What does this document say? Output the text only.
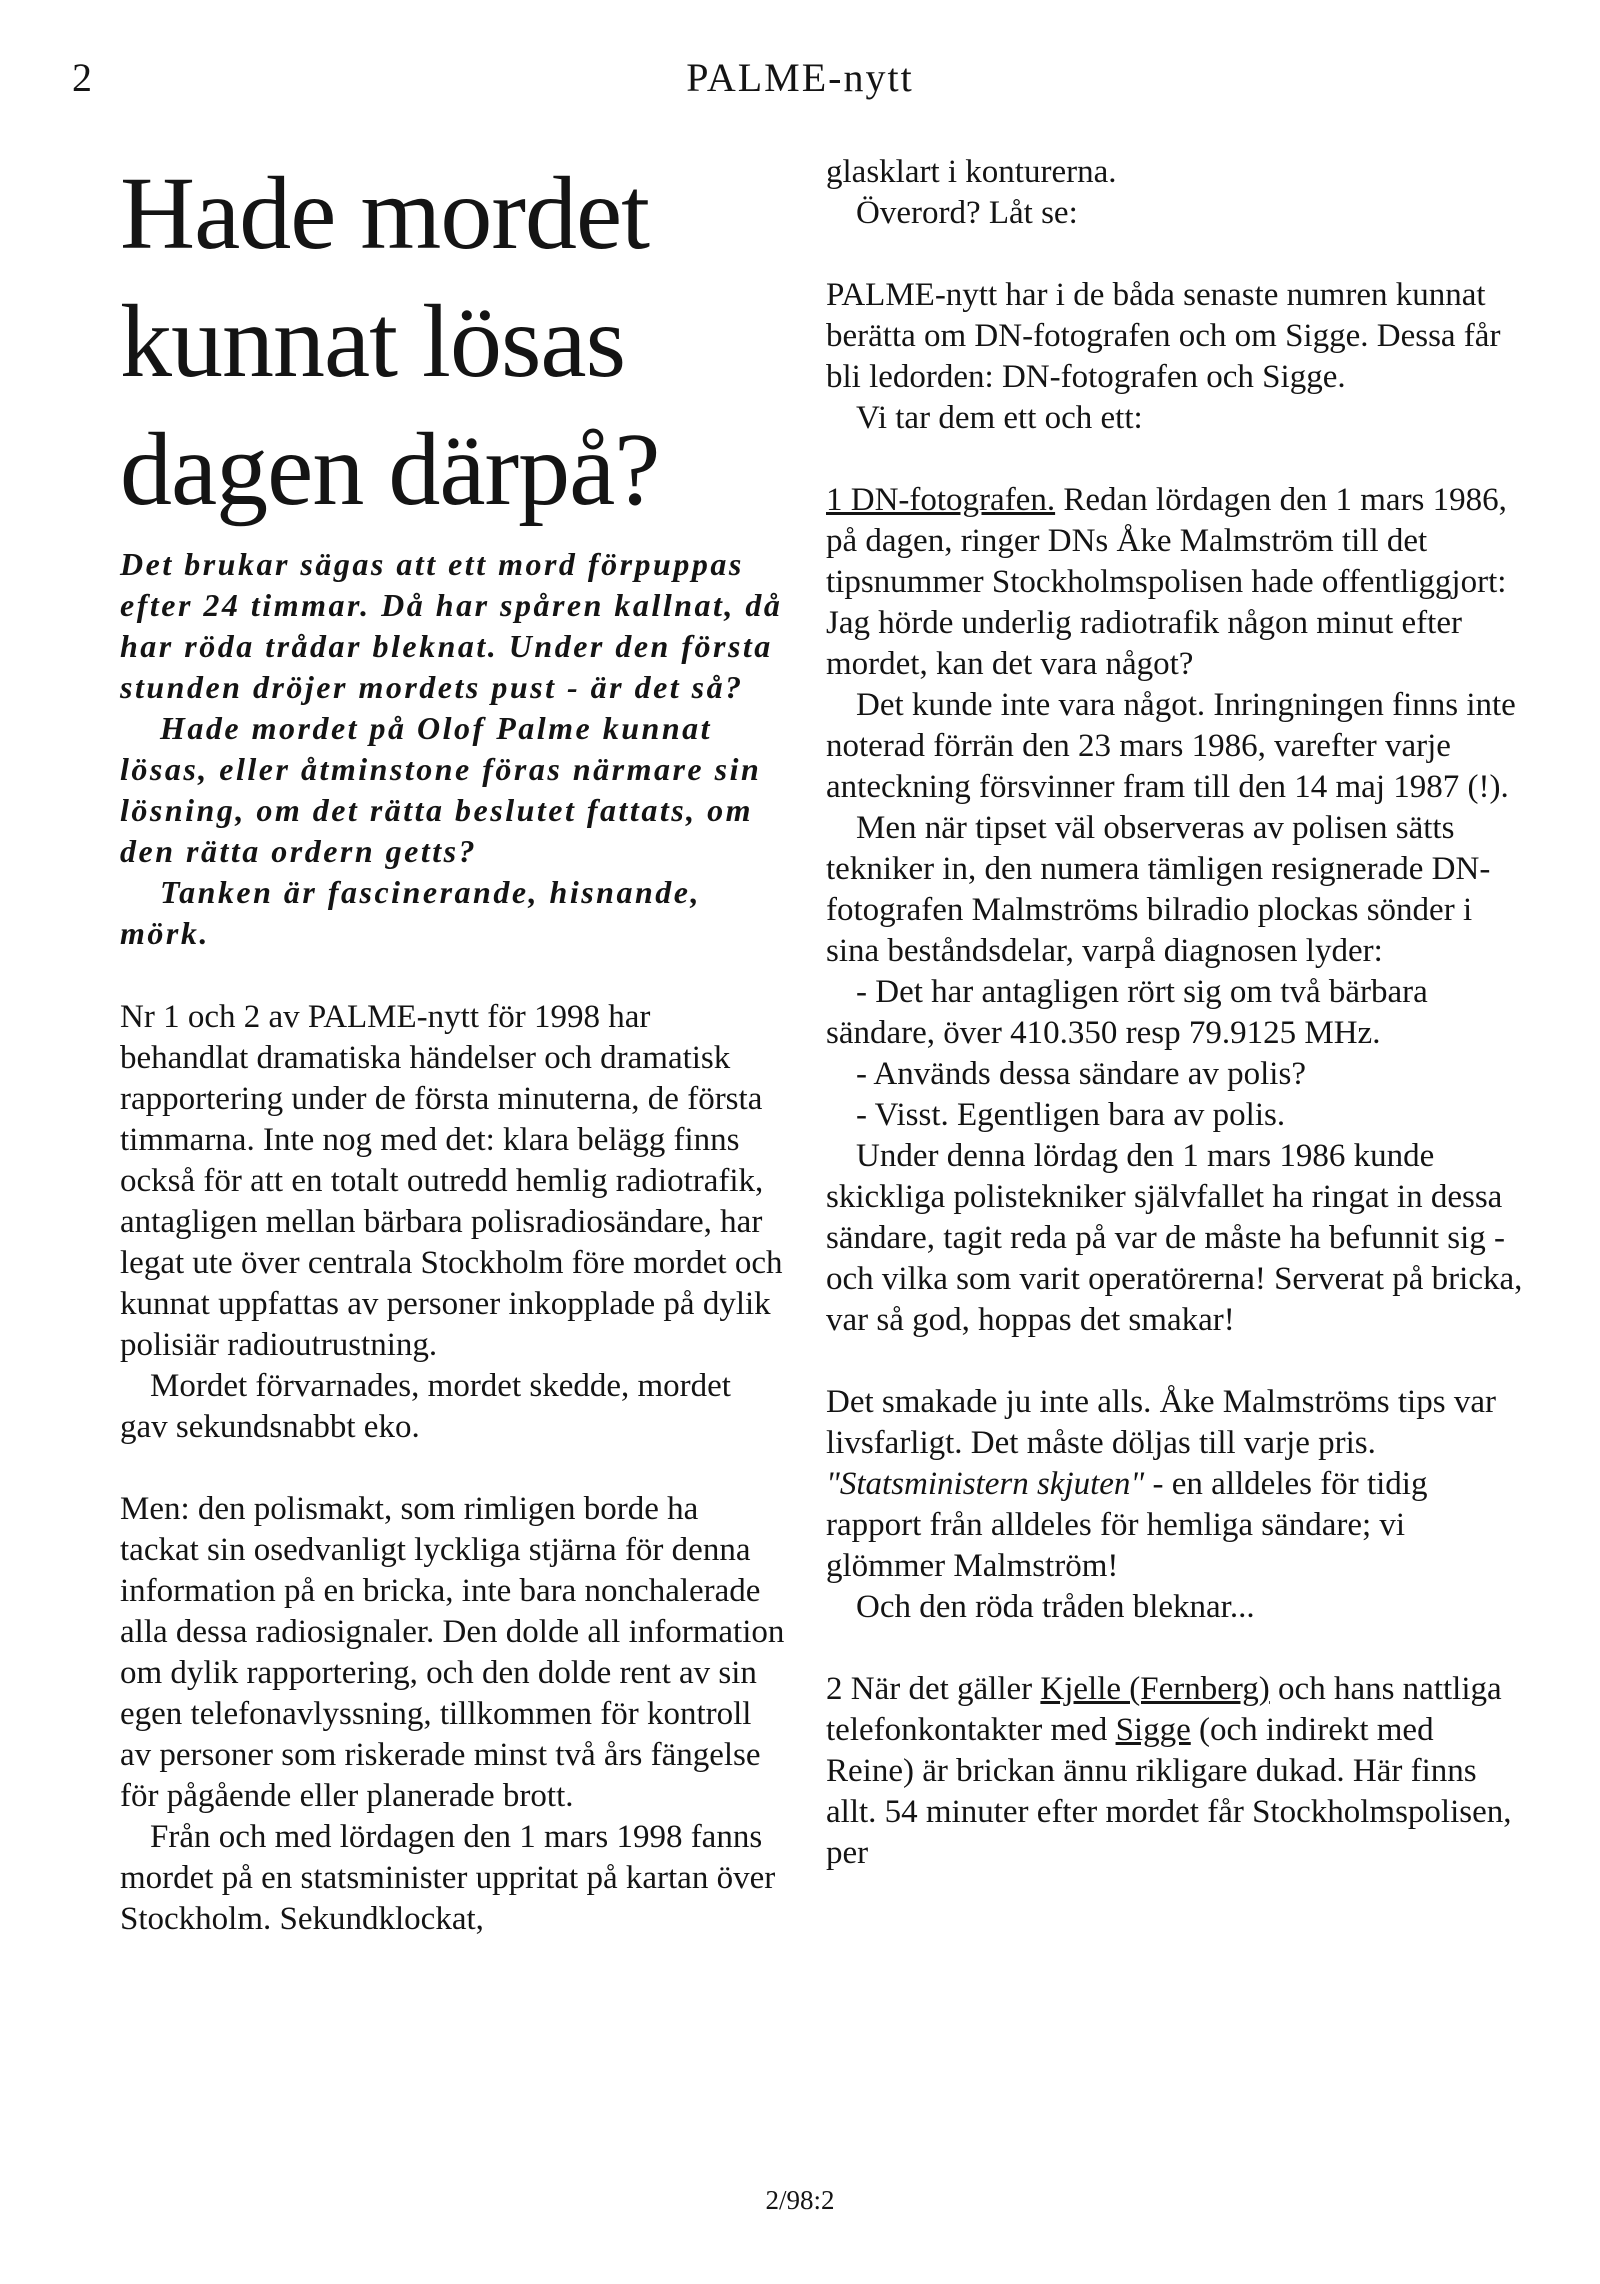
2	PALME-nytt
Hade mordet
kunnat lösas
dagen därpå?

Det brukar sägas att ett mord förpuppas efter 24 timmar. Då har spåren kallnat, då har röda trådar bleknat. Under den första stunden dröjer mordets pust - är det så?

Hade mordet på Olof Palme kunnat lösas, eller åtminstone föras närmare sin lösning, om det rätta beslutet fattats, om den rätta ordern getts?

Tanken är fascinerande, hisnande, mörk.

Nr 1 och 2 av PALME-nytt för 1998 har behandlat dramatiska händelser och dramatisk rapportering under de första minuterna, de första timmarna. Inte nog med det: klara belägg finns också för att en totalt outredd hemlig radiotrafik, antagligen mellan bärbara polisradiosändare, har legat ute över centrala Stockholm före mordet och kunnat uppfattas av personer inkopplade på dylik polisiär radioutrustning.

Mordet förvarnades, mordet skedde, mordet gav sekundsnabbt eko.

Men: den polismakt, som rimligen borde ha tackat sin osedvanligt lyckliga stjärna för denna information på en bricka, inte bara nonchalerade alla dessa radiosignaler. Den dolde all information om dylik rapportering, och den dolde rent av sin egen telefonavlyssning, tillkommen för kontroll av personer som riskerade minst två års fängelse för pågående eller planerade brott.

Från och med lördagen den 1 mars 1998 fanns mordet på en statsminister uppritat på kartan över Stockholm. Sekundklockat,

glasklart i konturerna.

Överord? Låt se:

PALME-nytt har i de båda senaste numren kunnat berätta om DN-fotografen och om Sigge. Dessa får bli ledorden: DN-fotografen och Sigge.

Vi tar dem ett och ett:

1 DN-fotografen. Redan lördagen den 1 mars 1986, på dagen, ringer DNs Åke Malmström till det tipsnummer Stockholmspolisen hade offentliggjort: Jag hörde underlig radiotrafik någon minut efter mordet, kan det vara något?

Det kunde inte vara något. Inringningen finns inte noterad förrän den 23 mars 1986, varefter varje anteckning försvinner fram till den 14 maj 1987 (!).

Men när tipset väl observeras av polisen sätts tekniker in, den numera tämligen resignerade DN-fotografen Malmströms bilradio plockas sönder i sina beståndsdelar, varpå diagnosen lyder:

- Det har antagligen rört sig om två bärbara sändare, över 410.350 resp 79.9125 MHz.

- Används dessa sändare av polis?

- Visst. Egentligen bara av polis.

Under denna lördag den 1 mars 1986 kunde skickliga polistekniker självfallet ha ringat in dessa sändare, tagit reda på var de måste ha befunnit sig - och vilka som varit operatörerna! Serverat på bricka, var så god, hoppas det smakar!

Det smakade ju inte alls. Åke Malmströms tips var livsfarligt. Det måste döljas till varje pris. "Statsministern skjuten" - en alldeles för tidig rapport från alldeles för hemliga sändare; vi glömmer Malmström!

Och den röda tråden bleknar...

2 När det gäller Kjelle (Fernberg) och hans nattliga telefonkontakter med Sigge (och indirekt med Reine) är brickan ännu rikligare dukad. Här finns allt. 54 minuter efter mordet får Stockholmspolisen, per

2/98:2
